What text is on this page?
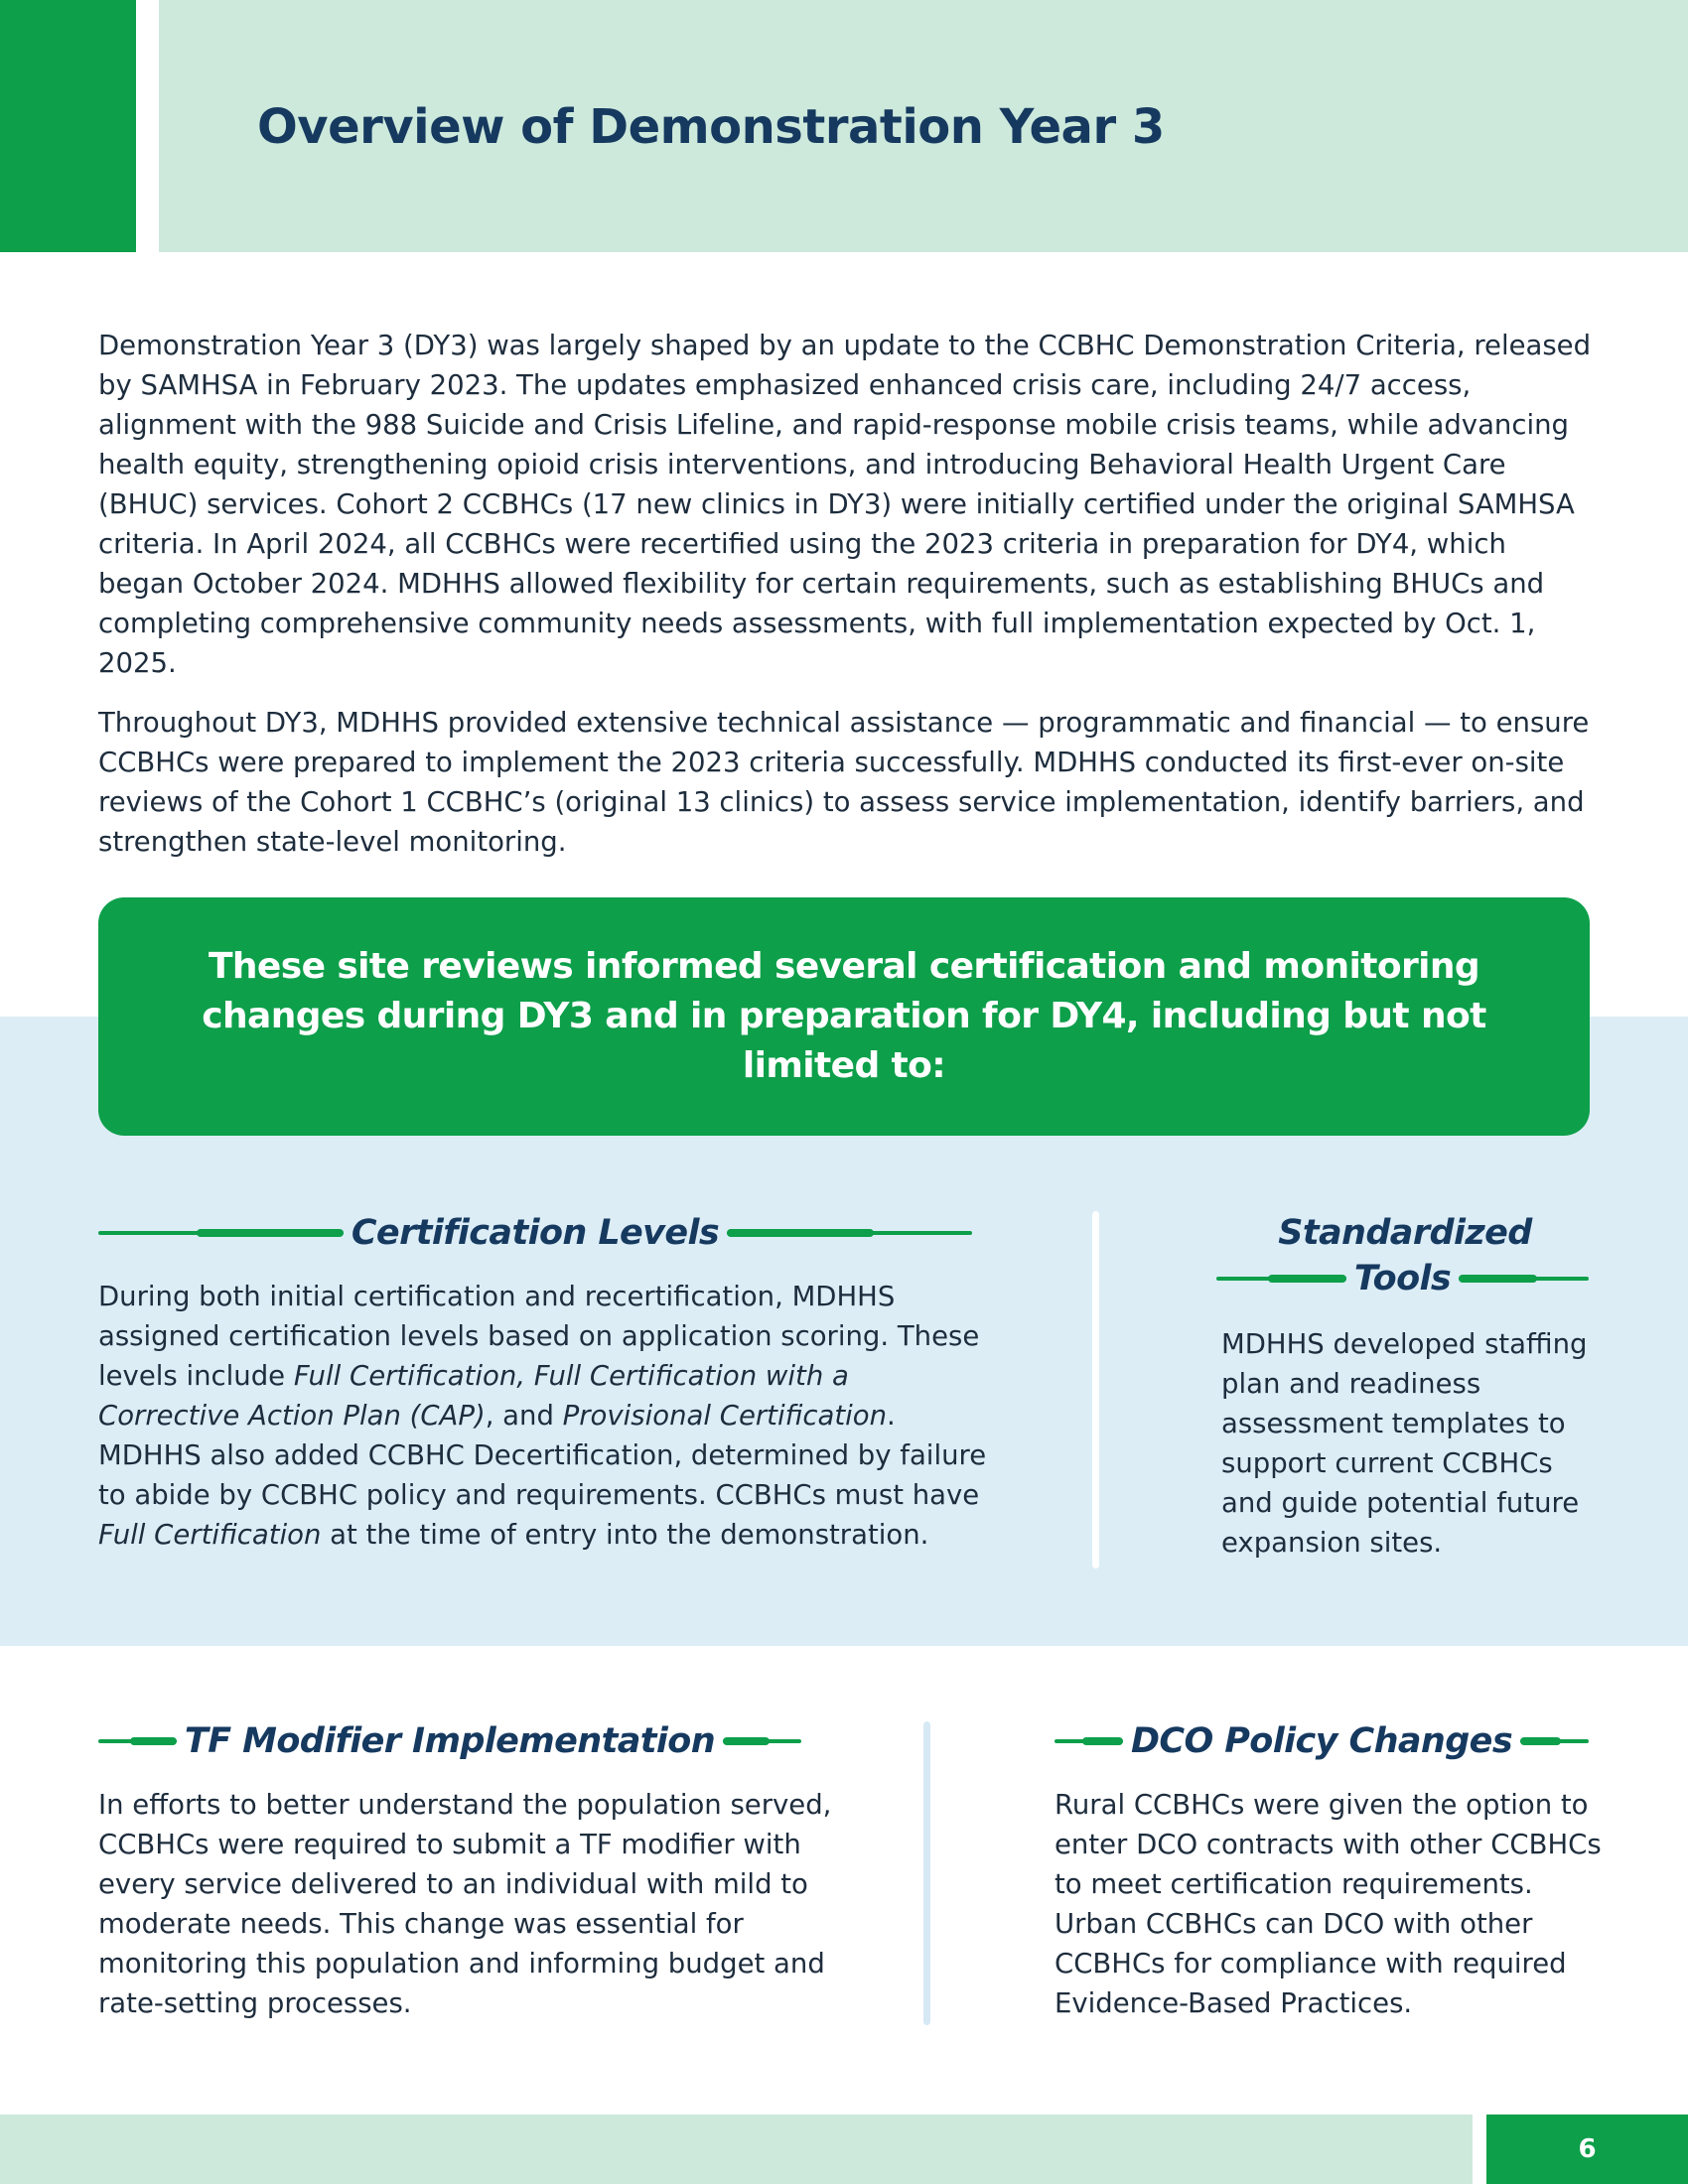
Overview of Demonstration Year 3

Demonstration Year 3 (DY3) was largely shaped by an update to the CCBHC Demonstration Criteria, released by SAMHSA in February 2023. The updates emphasized enhanced crisis care, including 24/7 access, alignment with the 988 Suicide and Crisis Lifeline, and rapid-response mobile crisis teams, while advancing health equity, strengthening opioid crisis interventions, and introducing Behavioral Health Urgent Care (BHUC) services. Cohort 2 CCBHCs (17 new clinics in DY3) were initially certified under the original SAMHSA criteria. In April 2024, all CCBHCs were recertified using the 2023 criteria in preparation for DY4, which began October 2024. MDHHS allowed flexibility for certain requirements, such as establishing BHUCs and completing comprehensive community needs assessments, with full implementation expected by Oct. 1, 2025.

Throughout DY3, MDHHS provided extensive technical assistance — programmatic and financial — to ensure CCBHCs were prepared to implement the 2023 criteria successfully. MDHHS conducted its first-ever on-site reviews of the Cohort 1 CCBHC’s (original 13 clinics) to assess service implementation, identify barriers, and strengthen state-level monitoring.

These site reviews informed several certification and monitoring changes during DY3 and in preparation for DY4, including but not limited to:
Certification Levels
During both initial certification and recertification, MDHHS assigned certification levels based on application scoring. These levels include Full Certification, Full Certification with a Corrective Action Plan (CAP), and Provisional Certification. MDHHS also added CCBHC Decertification, determined by failure to abide by CCBHC policy and requirements. CCBHCs must have Full Certification at the time of entry into the demonstration.
Standardized
Tools
MDHHS developed staffing plan and readiness assessment templates to support current CCBHCs and guide potential future expansion sites.
TF Modifier Implementation
In efforts to better understand the population served, CCBHCs were required to submit a TF modifier with every service delivered to an individual with mild to moderate needs. This change was essential for monitoring this population and informing budget and rate-setting processes.
DCO Policy Changes
Rural CCBHCs were given the option to enter DCO contracts with other CCBHCs to meet certification requirements. Urban CCBHCs can DCO with other CCBHCs for compliance with required Evidence-Based Practices.
6
